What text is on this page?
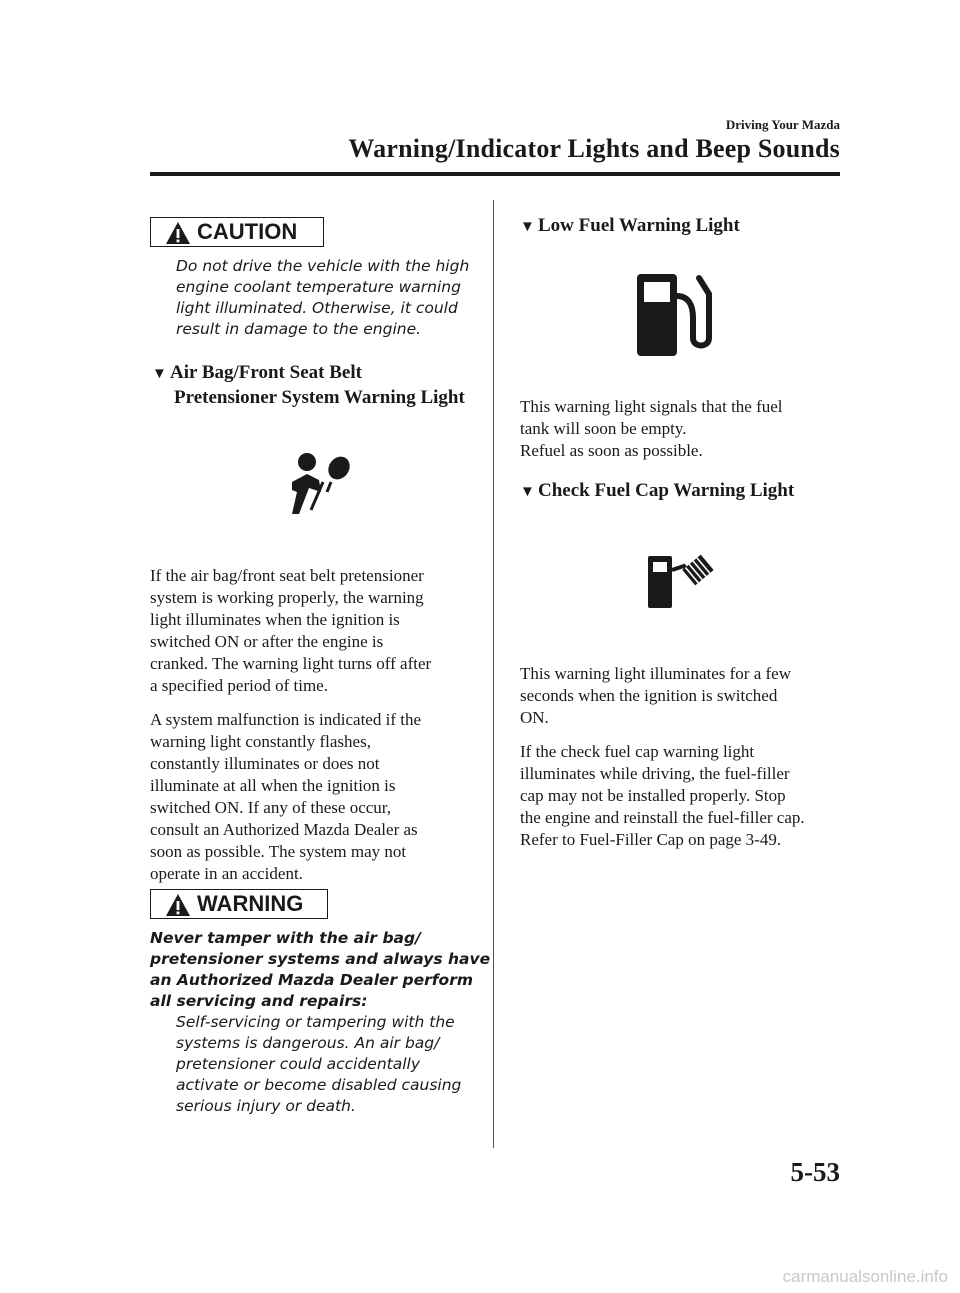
Driving Your Mazda
Warning/Indicator Lights and Beep Sounds
CAUTION
Do not drive the vehicle with the high
engine coolant temperature warning
light illuminated. Otherwise, it could
result in damage to the engine.
▼ Air Bag/Front Seat Belt
Pretensioner System Warning Light
If the air bag/front seat belt pretensioner
system is working properly, the warning
light illuminates when the ignition is
switched ON or after the engine is
cranked. The warning light turns off after
a specified period of time.
A system malfunction is indicated if the
warning light constantly flashes,
constantly illuminates or does not
illuminate at all when the ignition is
switched ON. If any of these occur,
consult an Authorized Mazda Dealer as
soon as possible. The system may not
operate in an accident.
WARNING
Never tamper with the air bag/
pretensioner systems and always have
an Authorized Mazda Dealer perform
all servicing and repairs:
Self-servicing or tampering with the
systems is dangerous. An air bag/
pretensioner could accidentally
activate or become disabled causing
serious injury or death.
▼ Low Fuel Warning Light
This warning light signals that the fuel
tank will soon be empty.
Refuel as soon as possible.
▼ Check Fuel Cap Warning Light
This warning light illuminates for a few
seconds when the ignition is switched
ON.
If the check fuel cap warning light
illuminates while driving, the fuel-filler
cap may not be installed properly. Stop
the engine and reinstall the fuel-filler cap.
Refer to Fuel-Filler Cap on page 3-49.
5-53
carmanualsonline.info
